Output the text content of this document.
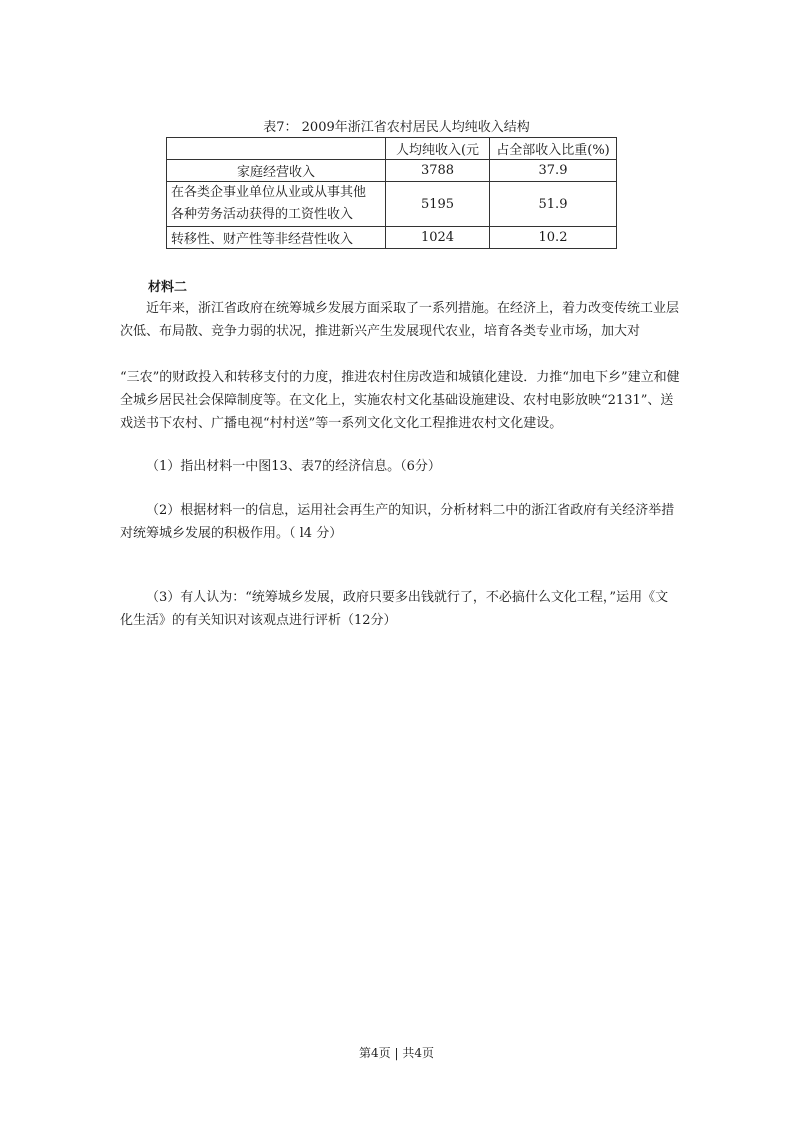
表7： 2009年浙江省农村居民人均纯收入结构
	人均纯收入(元	占全部收入比重(%)
家庭经营收入	3788	37.9

在各类企事业单位从业或从事其他
各种劳务活动获得的工资性收入	5195	51.9
转移性、财产性等非经营性收入	1024	10.2
材料二
近年来，浙江省政府在统筹城乡发展方面采取了一系列措施。在经济上，着力改变传统工业层次低、布局散、竞争力弱的状况，推进新兴产生发展现代农业，培育各类专业市场，加大对
“三农”的财政投入和转移支付的力度，推进农村住房改造和城镇化建设．力推“加电下乡”建立和健全城乡居民社会保障制度等。在文化上，实施农村文化基础设施建设、农村电影放映“2131”、送戏送书下农村、广播电视“村村送”等一系列文化文化工程推进农村文化建设。
（1）指出材料一中图13、表7的经济信息。（6分）
（2）根据材料一的信息，运用社会再生产的知识，分析材料二中的浙江省政府有关经济举措对统筹城乡发展的积极作用。（ l4 分）
（3）有人认为：“统筹城乡发展，政府只要多出钱就行了，不必搞什么文化工程，”运用《文化生活》的有关知识对该观点进行评析（12分）
第4页 | 共4页
